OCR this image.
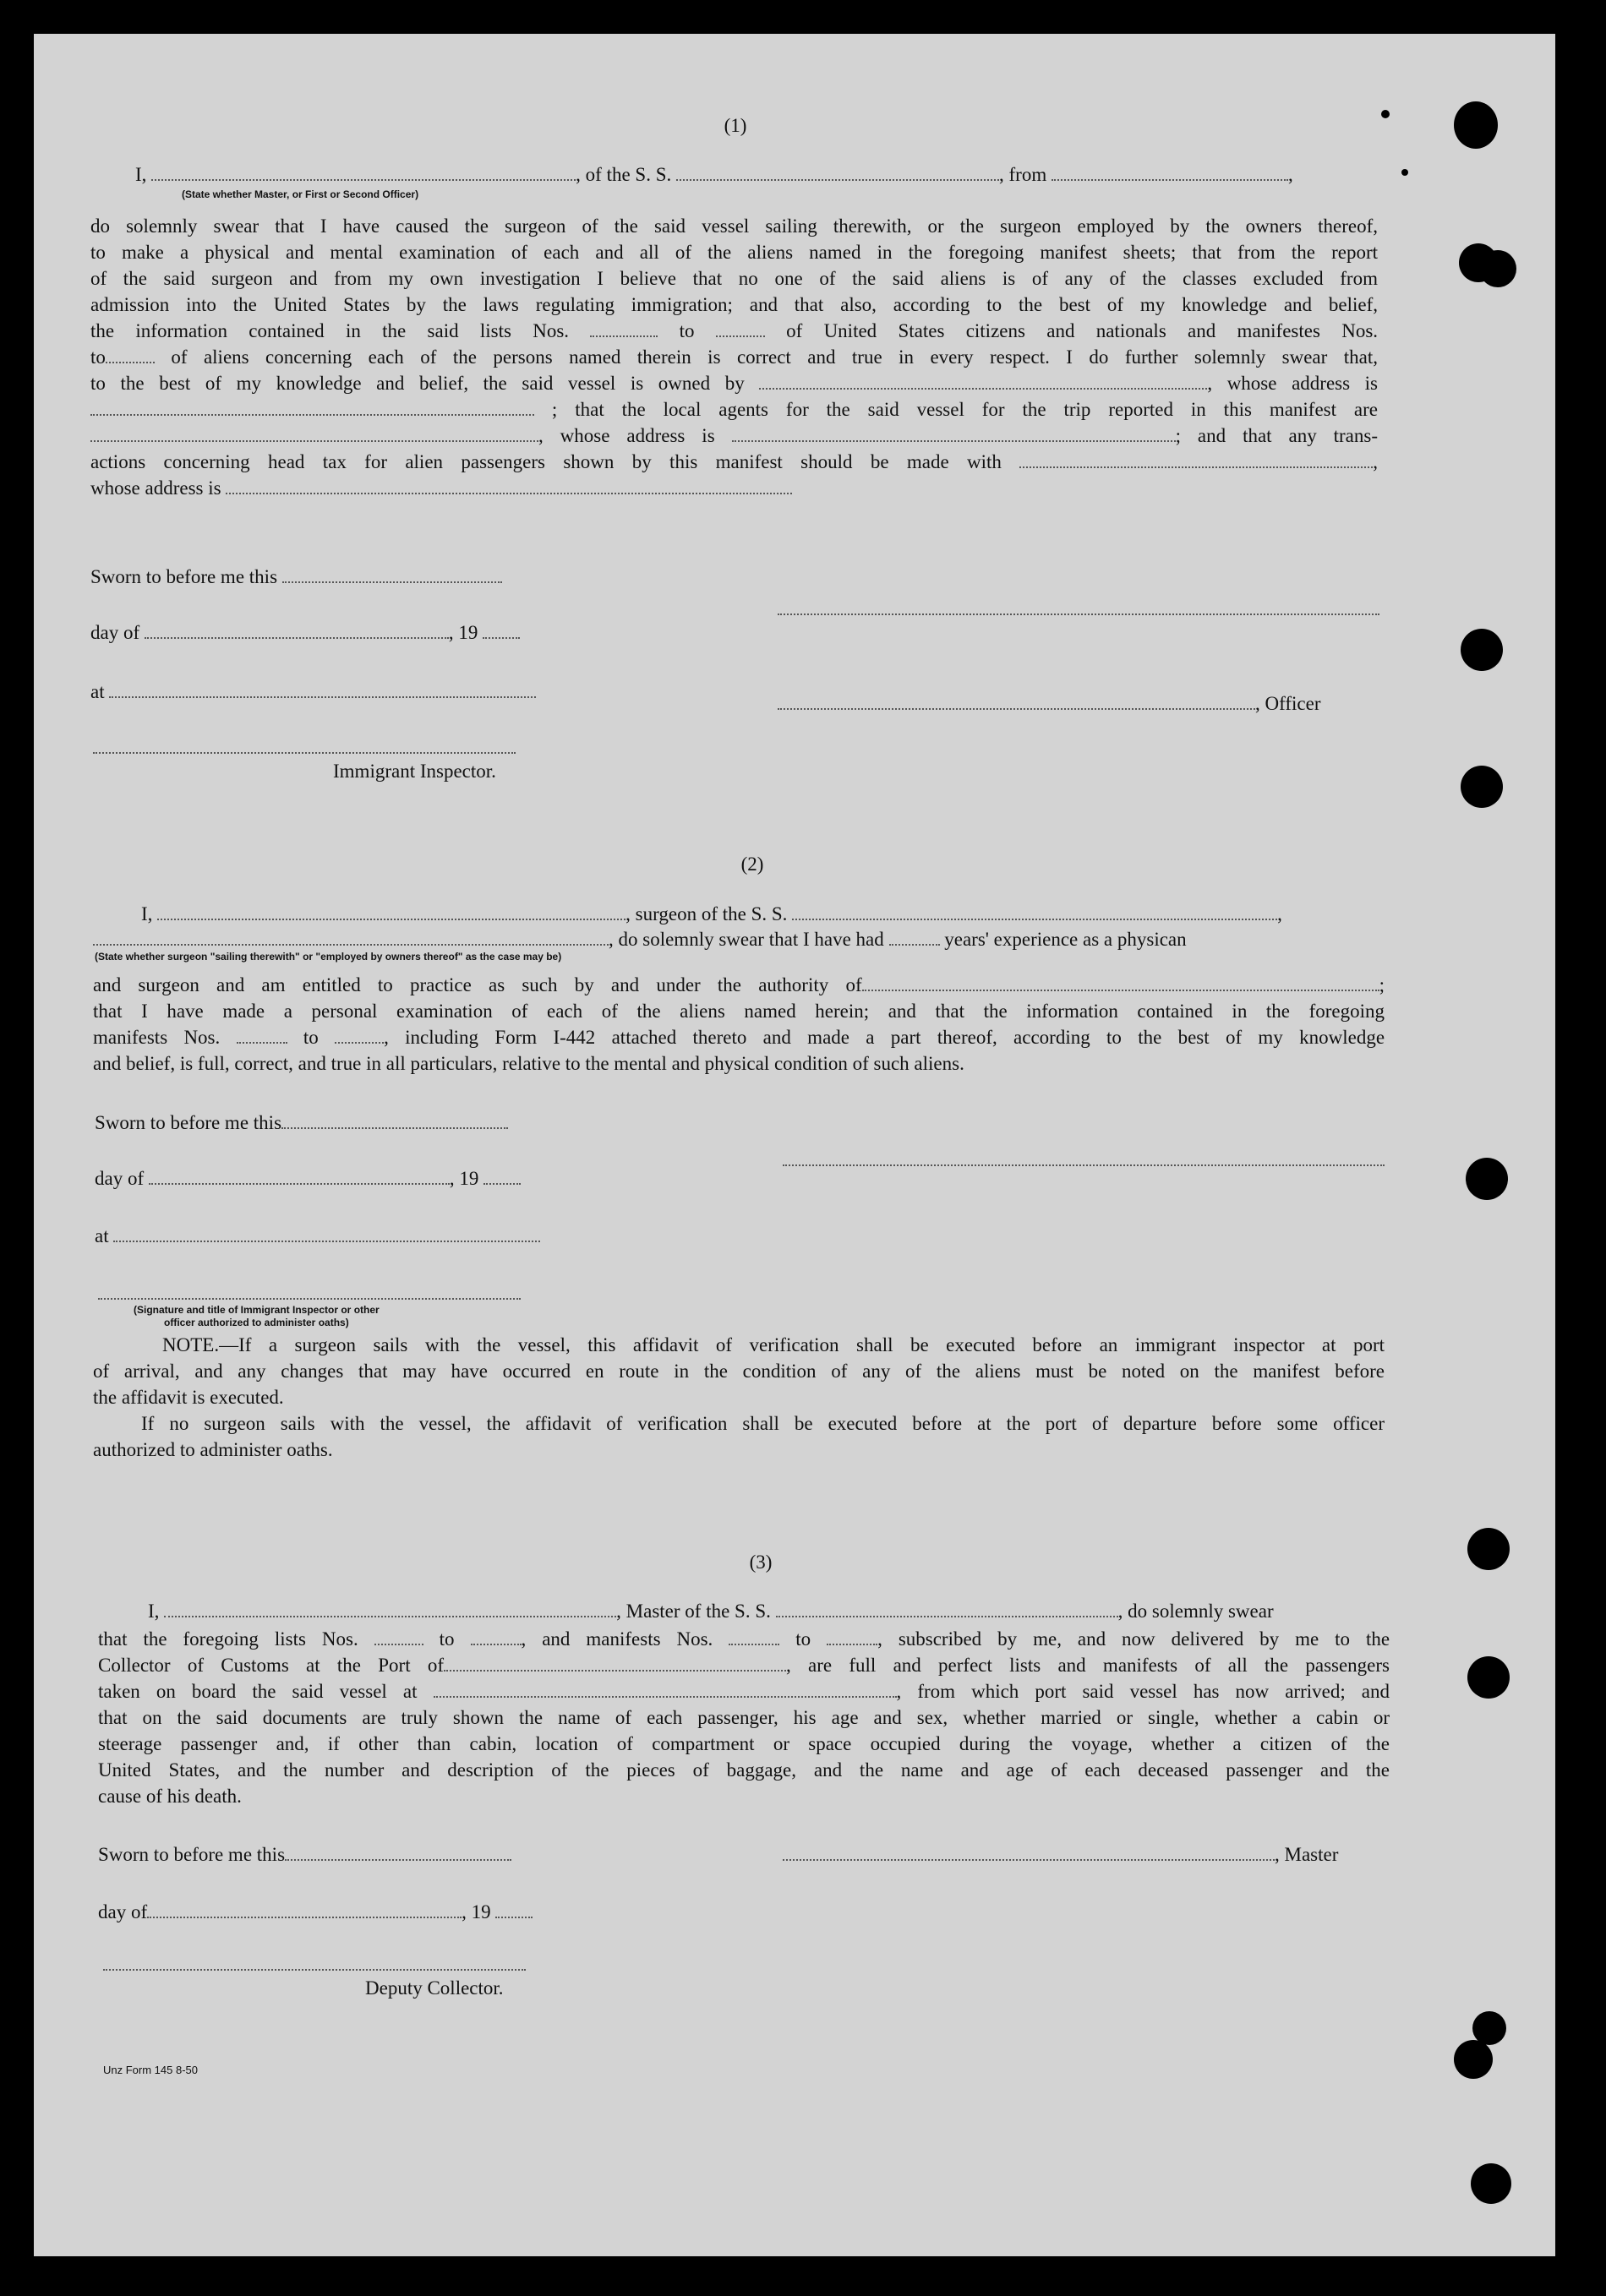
(1)
I,	, of the S. S.	, from	,
(State whether Master, or First or Second Officer)
do solemnly swear that I have caused the surgeon of the said vessel sailing therewith, or the surgeon employed by the owners thereof,
to make a physical and mental examination of each and all of the aliens named in the foregoing manifest sheets; that from the report
of the said surgeon and from my own investigation I believe that no one of the said aliens is of any of the classes excluded from
admission into the United States by the laws regulating immigration; and that also, according to the best of my knowledge and belief,
the information contained in the said lists Nos.	to	of United States citizens and nationals and manifestes Nos.
to	of aliens concerning each of the persons named therein is correct and true in every respect. I do further solemnly swear that,
to the best of my knowledge and belief, the said vessel is owned by	, whose address is
; that the local agents for the said vessel for the trip reported in this manifest are
, whose address is	; and that any trans-
actions concerning head tax for alien passengers shown by this manifest should be made with	,
whose address is
Sworn to before me this
day of	, 19
at
, Officer
Immigrant Inspector.
(2)
I,	, surgeon of the S. S.	,
, do solemnly swear that I have had	years' experience as a physican
(State whether surgeon "sailing therewith" or "employed by owners thereof" as the case may be)
and surgeon and am entitled to practice as such by and under the authority of	;
that I have made a personal examination of each of the aliens named herein; and that the information contained in the foregoing
manifests Nos.	to	, including Form I-442 attached thereto and made a part thereof, according to the best of my knowledge
and belief, is full, correct, and true in all particulars, relative to the mental and physical condition of such aliens.
Sworn to before me this
day of	, 19
at
(Signature and title of Immigrant Inspector or other
officer authorized to administer oaths)
NOTE.—If a surgeon sails with the vessel, this affidavit of verification shall be executed before an immigrant inspector at port
of arrival, and any changes that may have occurred en route in the condition of any of the aliens must be noted on the manifest before
the affidavit is executed.
If no surgeon sails with the vessel, the affidavit of verification shall be executed before at the port of departure before some officer
authorized to administer oaths.
(3)
I,	, Master of the S. S.	, do solemnly swear
that the foregoing lists Nos.	to	, and manifests Nos.	to	, subscribed by me, and now delivered by me to the
Collector of Customs at the Port of	, are full and perfect lists and manifests of all the passengers
taken on board the said vessel at	, from which port said vessel has now arrived; and
that on the said documents are truly shown the name of each passenger, his age and sex, whether married or single, whether a cabin or
steerage passenger and, if other than cabin, location of compartment or space occupied during the voyage, whether a citizen of the
United States, and the number and description of the pieces of baggage, and the name and age of each deceased passenger and the
cause of his death.
Sworn to before me this	, Master
day of	, 19
Deputy Collector.
Unz Form 145 8-50
